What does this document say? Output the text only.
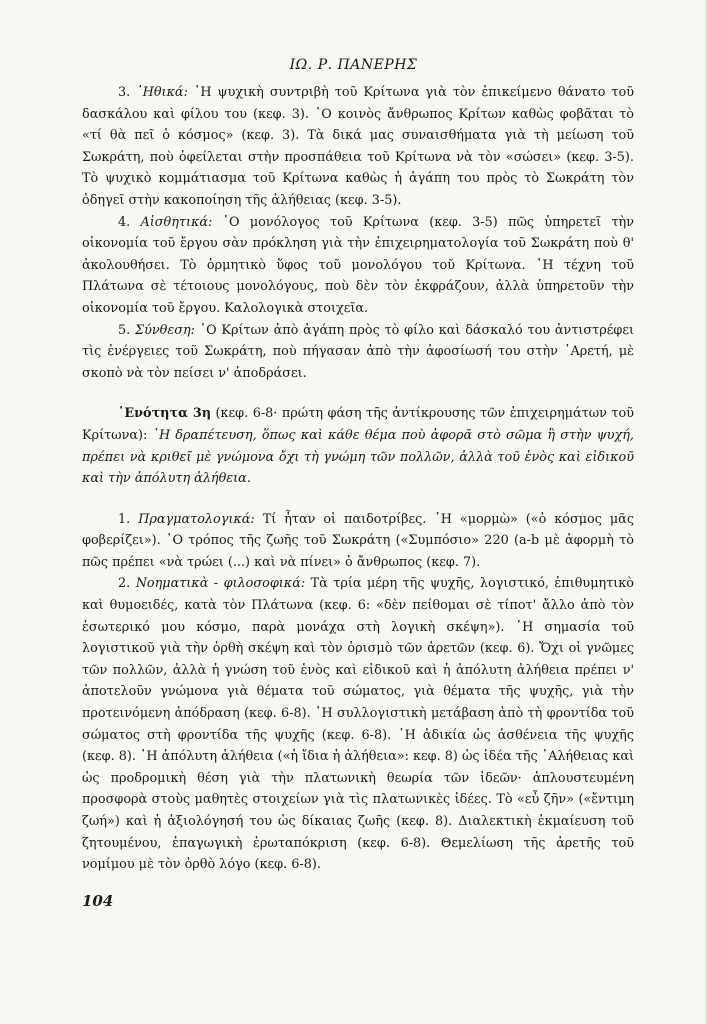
ΙΩ. Ρ. ΠΑΝΕΡΗΣ

3. ᾿Ηθικά: ῾Η ψυχικὴ συντριβὴ τοῦ Κρίτωνα γιὰ τὸν ἐπικείμενο θάνατο τοῦ δασκάλου καὶ φίλου του (κεφ. 3). ῾Ο κοινὸς ἄνθρωπος Κρίτων καθὼς φοβᾶται τὸ «τί θὰ πεῖ ὁ κόσμος» (κεφ. 3). Τὰ δικά μας συναισθήματα γιὰ τὴ μείωση τοῦ Σωκράτη, ποὺ ὀφείλεται στὴν προσπάθεια τοῦ Κρίτωνα νὰ τὸν «σώσει» (κεφ. 3-5). Τὸ ψυχικὸ κομμάτιασμα τοῦ Κρίτωνα καθὼς ἡ ἀγάπη του πρὸς τὸ Σωκράτη τὸν ὁδηγεῖ στὴν κακοποίηση τῆς ἀλήθειας (κεφ. 3-5).

4. Αἰσθητικά: ῾Ο μονόλογος τοῦ Κρίτωνα (κεφ. 3-5) πῶς ὑπηρετεῖ τὴν οἰκονομία τοῦ ἔργου σὰν πρόκληση γιὰ τὴν ἐπιχειρηματολογία τοῦ Σωκράτη ποὺ θ' ἀκολουθήσει. Τὸ ὁρμητικὸ ὕφος τοῦ μονολόγου τοῦ Κρίτωνα. ῾Η τέχνη τοῦ Πλάτωνα σὲ τέτοιους μονολόγους, ποὺ δὲν τὸν ἐκφράζουν, ἀλλὰ ὑπηρετοῦν τὴν οἰκονομία τοῦ ἔργου. Καλολογικὰ στοιχεῖα.

5. Σύνθεση: ῾Ο Κρίτων ἀπὸ ἀγάπη πρὸς τὸ φίλο καὶ δάσκαλό του ἀντιστρέφει τὶς ἐνέργειες τοῦ Σωκράτη, ποὺ πήγασαν ἀπὸ τὴν ἀφοσίωσή του στὴν ᾿Αρετή, μὲ σκοπὸ νὰ τὸν πείσει ν' ἀποδράσει.

῾Ενότητα 3η (κεφ. 6-8· πρώτη φάση τῆς ἀντίκρουσης τῶν ἐπιχειρημάτων τοῦ Κρίτωνα): ῾Η δραπέτευση, ὅπως καὶ κάθε θέμα ποὺ ἀφορᾶ στὸ σῶμα ἢ στὴν ψυχή, πρέπει νὰ κριθεῖ μὲ γνώμονα ὄχι τὴ γνώμη τῶν πολλῶν, ἀλλὰ τοῦ ἑνὸς καὶ εἰδικοῦ καὶ τὴν ἀπόλυτη ἀλήθεια.

1. Πραγματολογικά: Τί ἦταν οἱ παιδοτρίβες. ῾Η «μορμὼ» («ὁ κόσμος μᾶς φοβερίζει»). ῾Ο τρόπος τῆς ζωῆς τοῦ Σωκράτη («Συμπόσιο» 220 (a-b μὲ ἀφορμὴ τὸ πῶς πρέπει «νὰ τρώει (...) καὶ νὰ πίνει» ὁ ἄνθρωπος (κεφ. 7).

2. Νοηματικὰ - φιλοσοφικά: Τὰ τρία μέρη τῆς ψυχῆς, λογιστικό, ἐπιθυμητικὸ καὶ θυμοειδές, κατὰ τὸν Πλάτωνα (κεφ. 6: «δὲν πείθομαι σὲ τίποτ' ἄλλο ἀπὸ τὸν ἐσωτερικό μου κόσμο, παρὰ μονάχα στὴ λογικὴ σκέψη»). ῾Η σημασία τοῦ λογιστικοῦ γιὰ τὴν ὀρθὴ σκέψη καὶ τὸν ὁρισμὸ τῶν ἀρετῶν (κεφ. 6). Ὄχι οἱ γνῶμες τῶν πολλῶν, ἀλλὰ ἡ γνώση τοῦ ἑνὸς καὶ εἰδικοῦ καὶ ἡ ἀπόλυτη ἀλήθεια πρέπει ν' ἀποτελοῦν γνώμονα γιὰ θέματα τοῦ σώματος, γιὰ θέματα τῆς ψυχῆς, γιὰ τὴν προτεινόμενη ἀπόδραση (κεφ. 6-8). ῾Η συλλογιστικὴ μετάβαση ἀπὸ τὴ φροντίδα τοῦ σώματος στὴ φροντίδα τῆς ψυχῆς (κεφ. 6-8). ῾Η ἀδικία ὡς ἀσθένεια τῆς ψυχῆς (κεφ. 8). ῾Η ἀπόλυτη ἀλήθεια («ἡ ἴδια ἡ ἀλήθεια»: κεφ. 8) ὡς ἰδέα τῆς ᾿Αλήθειας καὶ ὡς προδρομικὴ θέση γιὰ τὴν πλατωνικὴ θεωρία τῶν ἰδεῶν· ἁπλουστευμένη προσφορὰ στοὺς μαθητὲς στοιχείων γιὰ τὶς πλατωνικὲς ἰδέες. Τὸ «εὖ ζῆν» («ἔντιμη ζωή») καὶ ἡ ἀξιολόγησή του ὡς δίκαιας ζωῆς (κεφ. 8). Διαλεκτικὴ ἐκμαίευση τοῦ ζητουμένου, ἐπαγωγικὴ ἐρωταπόκριση (κεφ. 6-8). Θεμελίωση τῆς ἀρετῆς τοῦ νομίμου μὲ τὸν ὀρθὸ λόγο (κεφ. 6-8).

104
